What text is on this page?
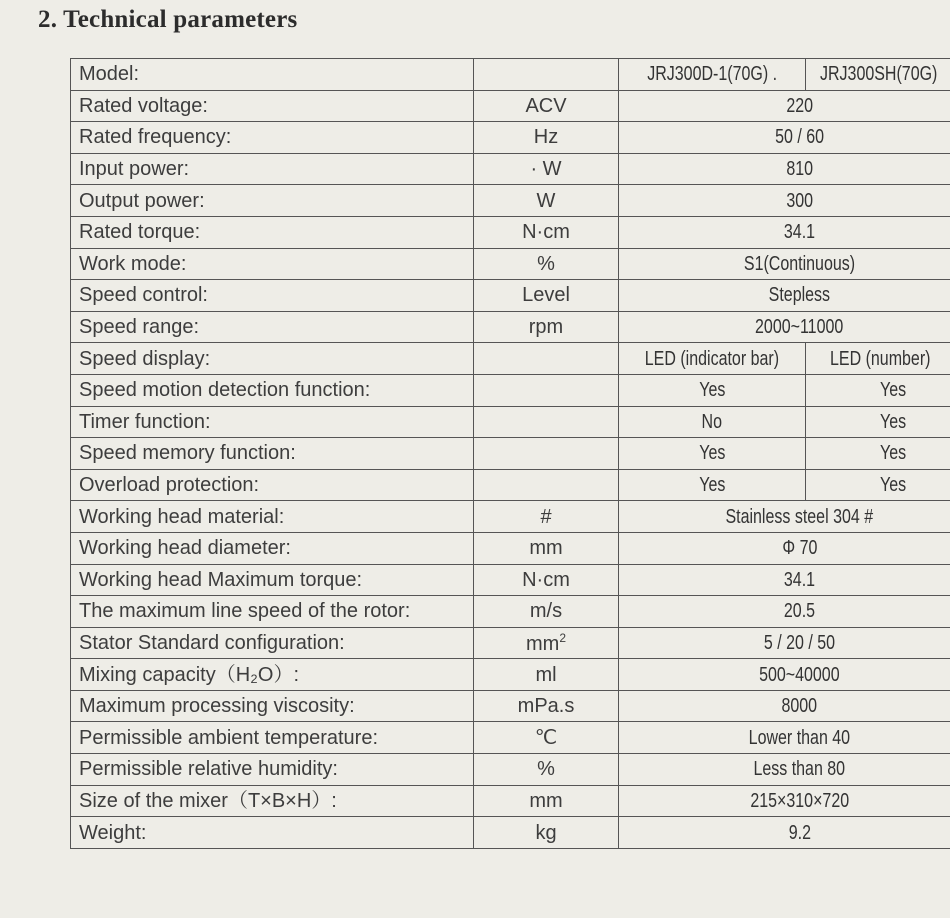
2. Technical parameters
Model:		JRJ300D-1(70G) .	JRJ300SH(70G)
Rated voltage:	ACV	220	
Rated frequency:	Hz	50 / 60	
Input power:	· W	810	
Output power:	W	300	
Rated torque:	N·cm	34.1	
Work mode:	%	S1(Continuous)	
Speed control:	Level	Stepless	
Speed range:	rpm	2000~11000	
Speed display:		LED (indicator bar)	LED (number)
Speed motion detection function:		Yes	Yes
Timer function:		No	Yes
Speed memory function:		Yes	Yes
Overload protection:		Yes	Yes
Working head material:	#	Stainless steel 304 #	
Working head diameter:	mm	Φ 70	
Working head Maximum torque:	N·cm	34.1	
The maximum line speed of the rotor:	m/s	20.5	
Stator Standard configuration:	$mm^2$	5 / 20 / 50	
Mixing capacity（H₂O）:	ml	500~40000	
Maximum processing viscosity:	mPa.s	8000	
Permissible ambient temperature:	℃	Lower than 40	
Permissible relative humidity:	%	Less than 80	
Size of the mixer（T×B×H）:	mm	215×310×720	
Weight:	kg	9.2	
